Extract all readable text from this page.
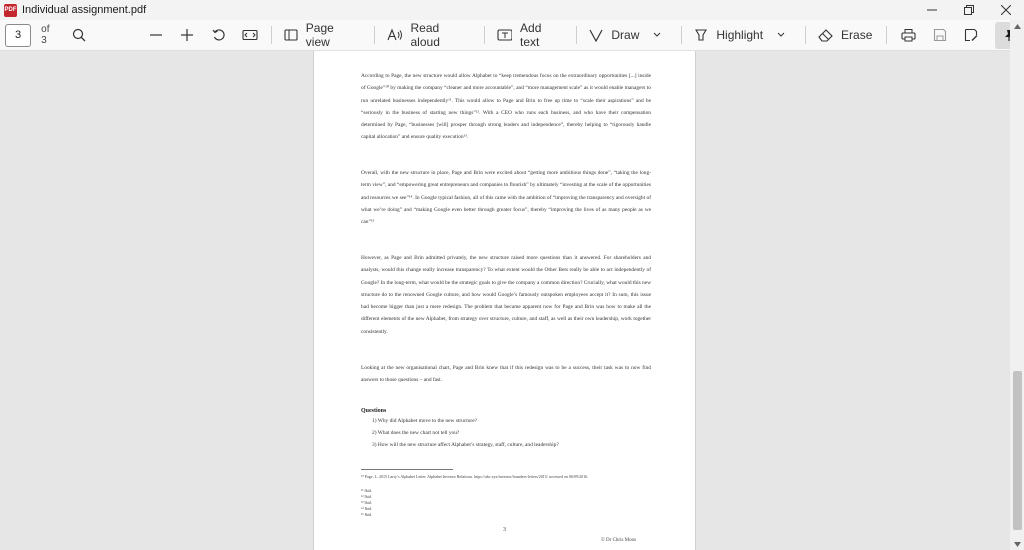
PDF Individual assignment.pdf
3	of 3
Page view
Read aloud
Add text	Draw	Highlight	Erase

According to Page, the new structure would allow Alphabet to “keep tremendous focus on the extraordinary opportunities [...] inside of Google”¹⁰ by making the company “cleaner and more accountable”, and “more management scale” as it would enable managers to run unrelated businesses independently¹¹. This would allow to Page and Brin to free up time to “scale their aspirations” and be “seriously in the business of starting new things”¹². With a CEO who runs each business, and who have their compensation determined by Page, “businesses [will] prosper through strong leaders and independence”, thereby helping to “rigorously handle capital allocation” and ensure quality execution¹³.

Overall, with the new structure in place, Page and Brin were excited about “getting more ambitious things done”, “taking the long-term view”, and “empowering great entrepreneurs and companies to flourish” by ultimately “investing at the scale of the opportunities and resources we see”¹⁴. In Google typical fashion, all of this came with the ambition of “improving the transparency and oversight of what we’re doing” and “making Google even better through greater focus”, thereby “improving the lives of as many people as we can”¹⁵

However, as Page and Brin admitted privately, the new structure raised more questions than it answered. For shareholders and analysts, would this change really increase transparency? To what extent would the Other Bets really be able to act independently of Google? In the long-term, what would be the strategic goals to give the company a common direction? Crucially, what would this new structure do to the renowned Google culture, and how would Google’s famously outspoken employees accept it? In sum, this issue had become bigger than just a mere redesign. The problem that became apparent now for Page and Brin was how to make all the different elements of the new Alphabet, from strategy over structure, culture, and staff, as well as their own leadership, work together consistently.

Looking at the new organisational chart, Page and Brin knew that if this redesign was to be a success, their task was to now find answers to those questions – and fast.

Questions
1) Why did Alphabet move to the new structure?
2) What does the new chart not tell you?
3) How will the new structure affect Alphabet’s strategy, staff, culture, and leadership?
¹⁰ Page, L. 2015 Larry’s Alphabet Letter. Alphabet Investor Relations. https://abc.xyz/investor/founders-letters/2015/ accessed on 06/09/2016.
¹¹ Ibid.
¹² Ibid.
¹³ Ibid.
¹⁴ Ibid.
¹⁵ Ibid.
3
© Dr Chris Moos
